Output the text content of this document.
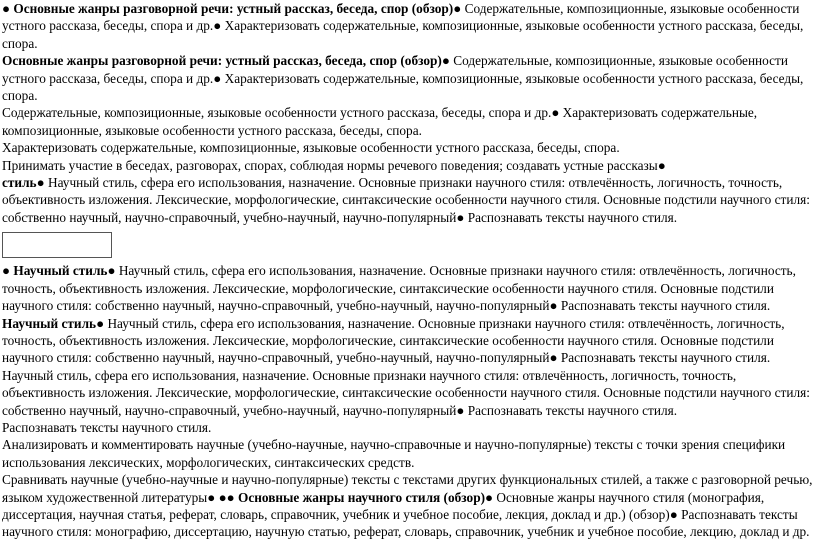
● Основные жанры разговорной речи: устный рассказ, беседа, спор (обзор)● Содержательные, композиционные, языковые особенности устного рассказа, беседы, спора и др.● Характеризовать содержательные, композиционные, языковые особенности устного рассказа, беседы, спора.

Основные жанры разговорной речи: устный рассказ, беседа, спор (обзор)● Содержательные, композиционные, языковые особенности устного рассказа, беседы, спора и др.● Характеризовать содержательные, композиционные, языковые особенности устного рассказа, беседы, спора.

Содержательные, композиционные, языковые особенности устного рассказа, беседы, спора и др.● Характеризовать содержательные, композиционные, языковые особенности устного рассказа, беседы, спора.

Характеризовать содержательные, композиционные, языковые особенности устного рассказа, беседы, спора.

Принимать участие в беседах, разговорах, спорах, соблюдая нормы речевого поведения; создавать устные рассказы●

стиль● Научный стиль, сфера его использования, назначение. Основные признаки научного стиля: отвлечённость, логичность, точность, объективность изложения. Лексические, морфологические, синтаксические особенности научного стиля. Основные подстили научного стиля: собственно научный, научно-справочный, учебно-научный, научно-популярный● Распознавать тексты научного стиля.

● Научный стиль● Научный стиль, сфера его использования, назначение. Основные признаки научного стиля: отвлечённость, логичность, точность, объективность изложения. Лексические, морфологические, синтаксические особенности научного стиля. Основные подстили научного стиля: собственно научный, научно-справочный, учебно-научный, научно-популярный● Распознавать тексты научного стиля.

Научный стиль● Научный стиль, сфера его использования, назначение. Основные признаки научного стиля: отвлечённость, логичность, точность, объективность изложения. Лексические, морфологические, синтаксические особенности научного стиля. Основные подстили научного стиля: собственно научный, научно-справочный, учебно-научный, научно-популярный● Распознавать тексты научного стиля.

Научный стиль, сфера его использования, назначение. Основные признаки научного стиля: отвлечённость, логичность, точность, объективность изложения. Лексические, морфологические, синтаксические особенности научного стиля. Основные подстили научного стиля: собственно научный, научно-справочный, учебно-научный, научно-популярный● Распознавать тексты научного стиля.

Распознавать тексты научного стиля.

Анализировать и комментировать научные (учебно-научные, научно-справочные и научно-популярные) тексты с точки зрения специфики использования лексических, морфологических, синтаксических средств.

Сравнивать научные (учебно-научные и научно-популярные) тексты с текстами других функциональных стилей, а также с разговорной речью, языком художественной литературы● ●● Основные жанры научного стиля (обзор)● Основные жанры научного стиля (монография, диссертация, научная статья, реферат, словарь, справочник, учебник и учебное пособие, лекция, доклад и др.) (обзор)● Распознавать тексты научного стиля: монографию, диссертацию, научную статью, реферат, словарь, справочник, учебник и учебное пособие, лекцию, доклад и др.
